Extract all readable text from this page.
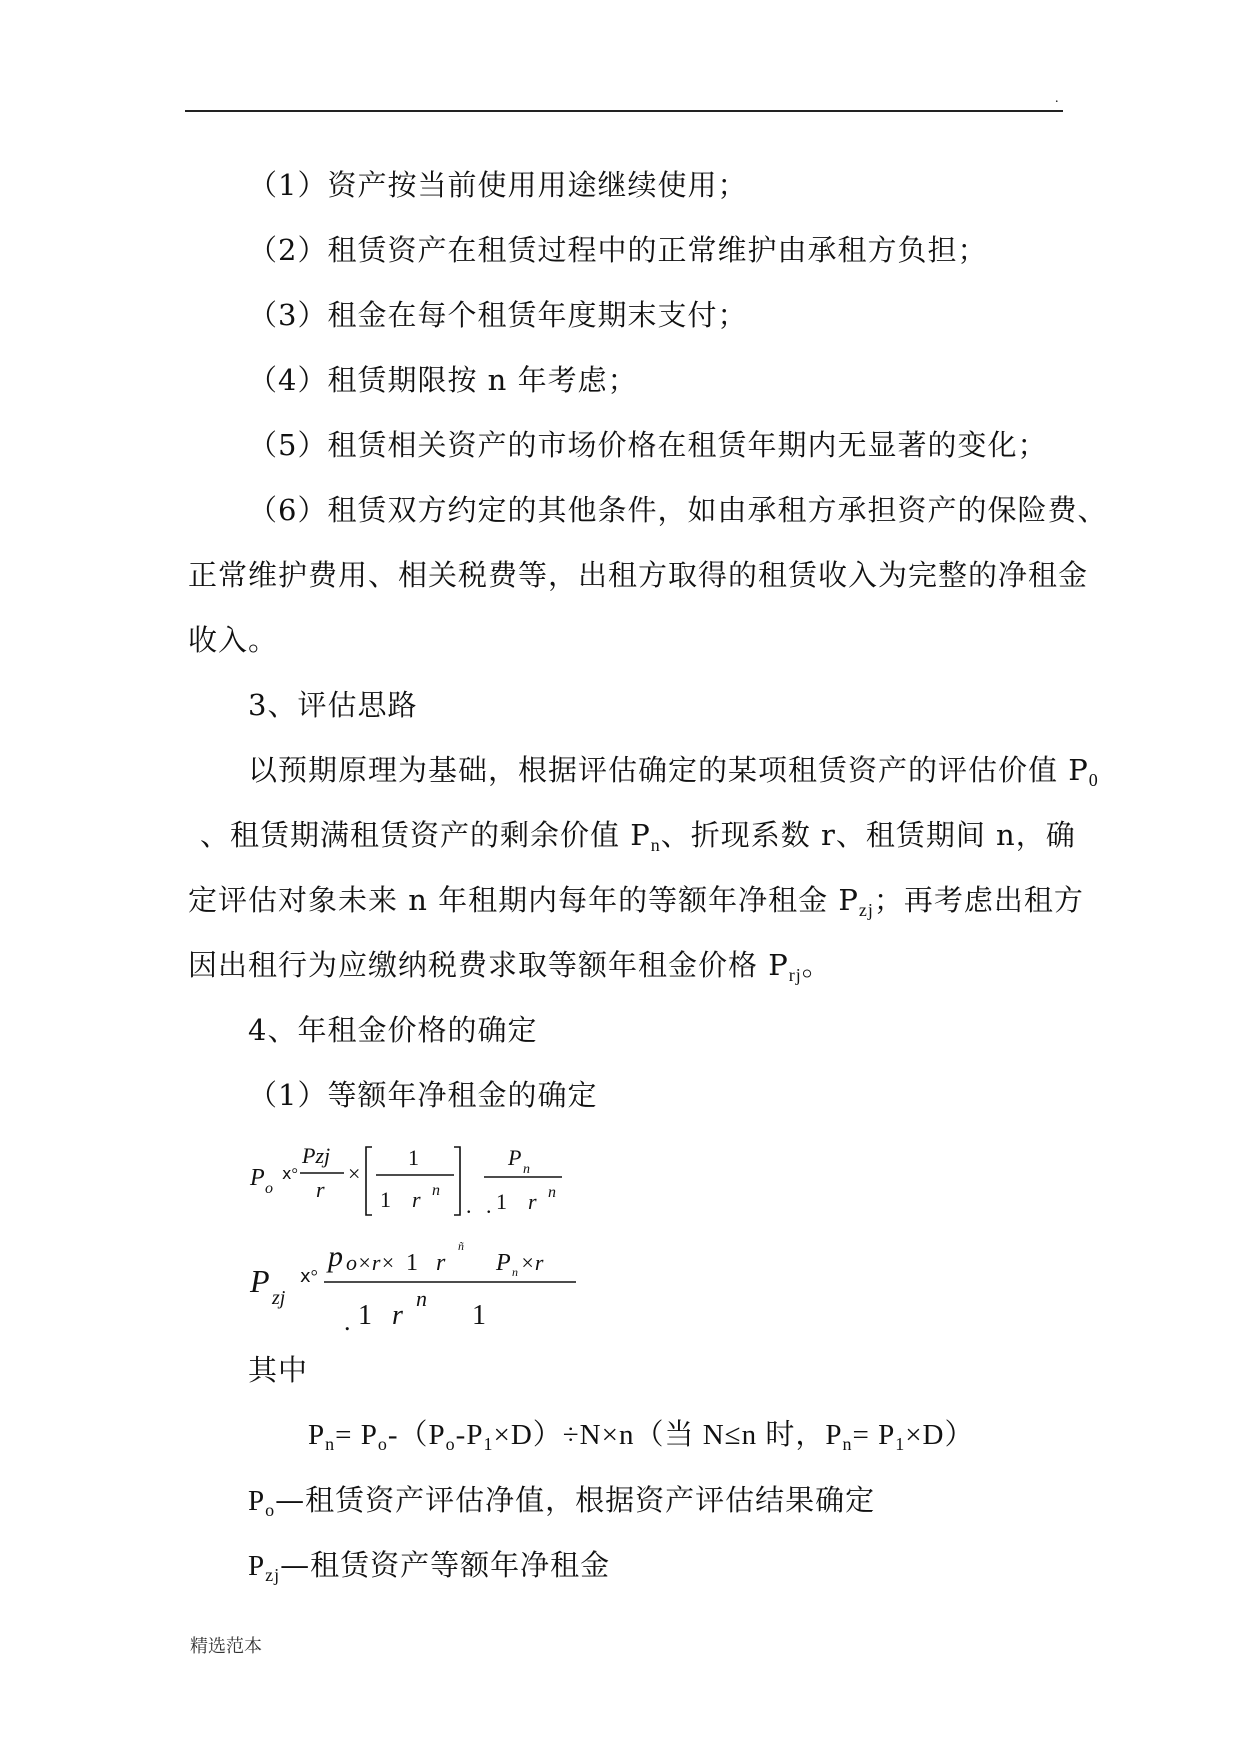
.
（1）资产按当前使用用途继续使用；
（2）租赁资产在租赁过程中的正常维护由承租方负担；
（3）租金在每个租赁年度期末支付；
（4）租赁期限按 n 年考虑；
（5）租赁相关资产的市场价格在租赁年期内无显著的变化；
（6）租赁双方约定的其他条件，如由承租方承担资产的保险费、
正常维护费用、相关税费等，出租方取得的租赁收入为完整的净租金
收入。
3、评估思路
以预期原理为基础，根据评估确定的某项租赁资产的评估价值 $P_0$
、租赁期满租赁资产的剩余价值 $P_n$、折现系数 r、租赁期间 n，确
定评估对象未来 n 年租期内每年的等额年净租金 $P_{zj}$；再考虑出租方
因出租行为应缴纳税费求取等额年租金价格 $P_{rj}$。
4、年租金价格的确定
（1）等额年净租金的确定
P o
ⅹ°
Pzj
r
×
1
1 r n
.
P n
. 1 r n
P zj
ⅹ°
p o×r× 1 r
ñ
P n ×r
. 1 r
n
1
其中
$P_n= P_o-(P_o-P_1\times D)\div N\times n$（当 N≤n 时，$P_n= P_1\times D$）
$P_o—$租赁资产评估净值，根据资产评估结果确定
$P_{zj}—$租赁资产等额年净租金
精选范本
